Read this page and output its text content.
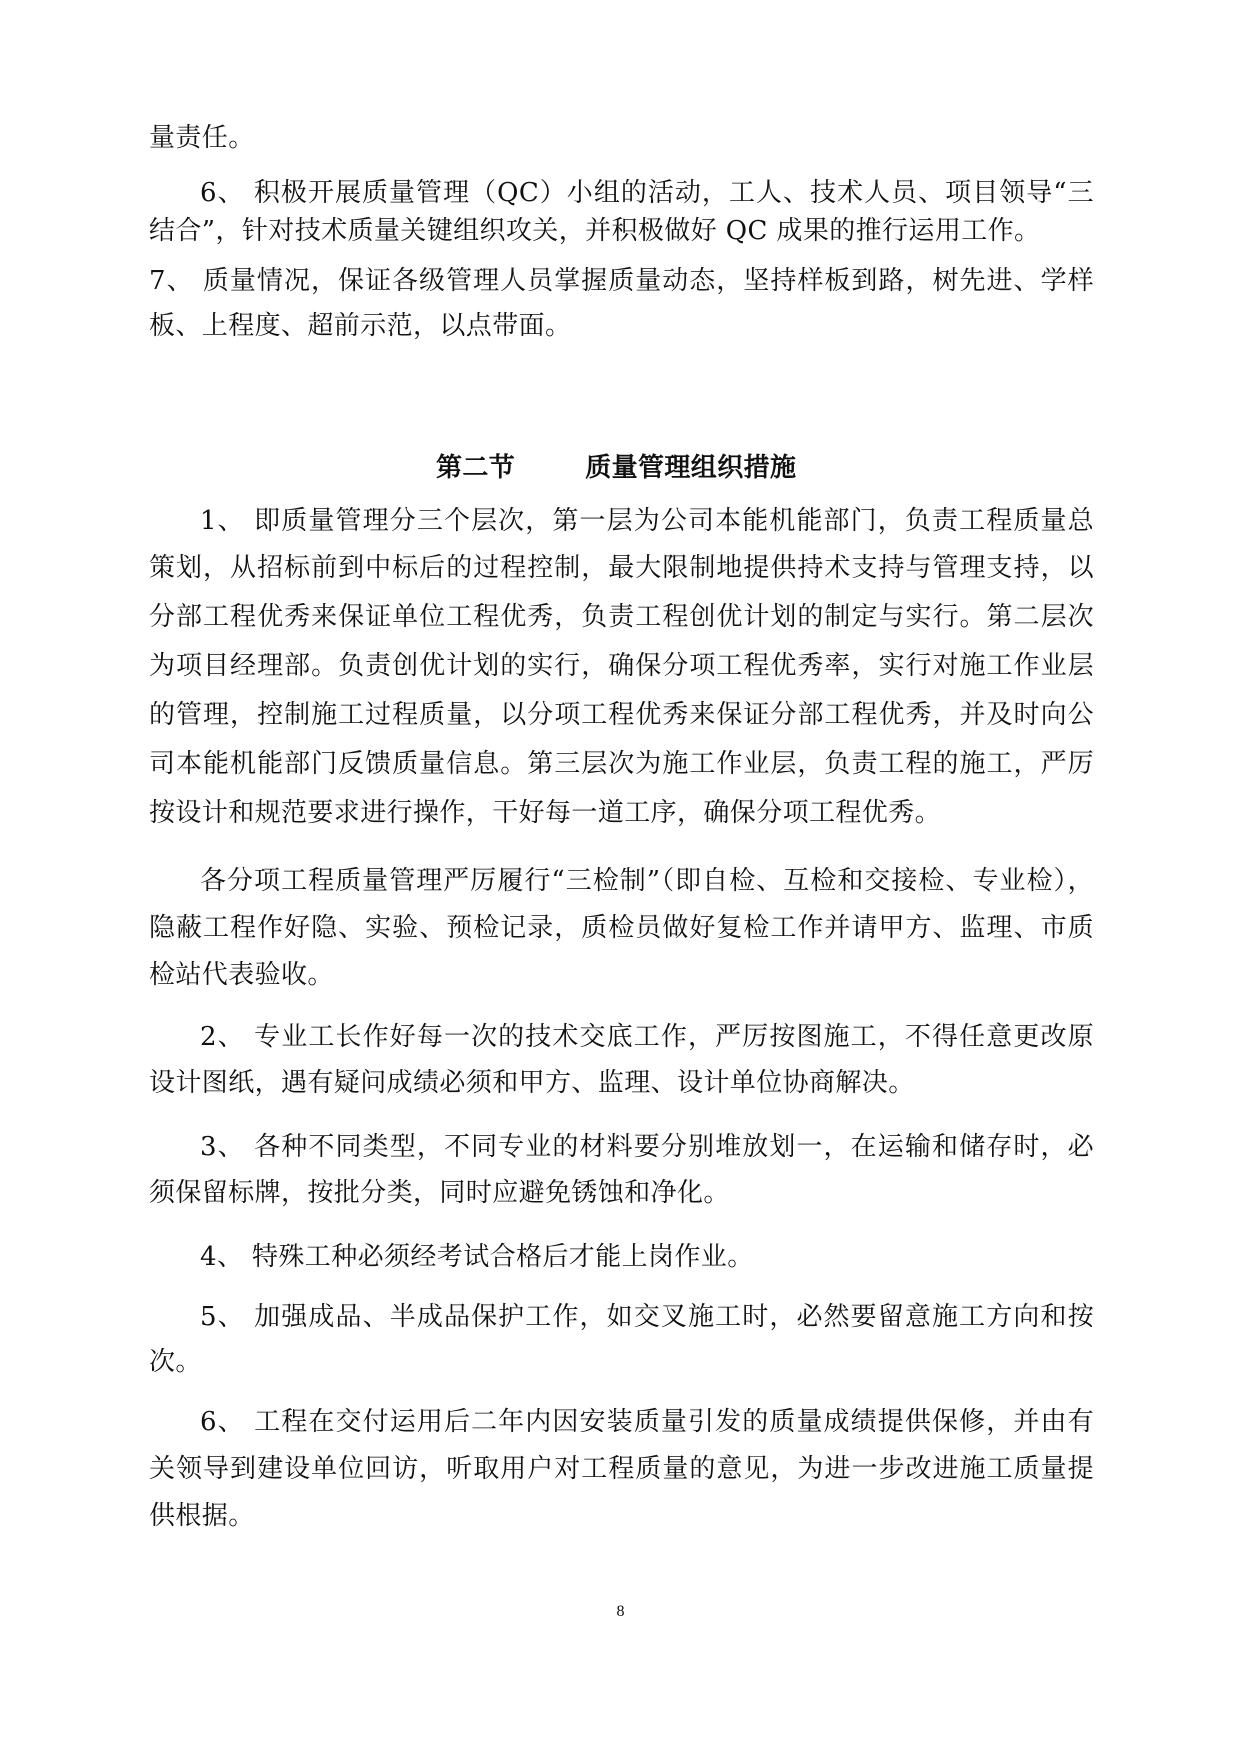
量责任。
6、 积极开展质量管理（QC）小组的活动，工人、技术人员、项目领导“三
结合”，针对技术质量关键组织攻关，并积极做好 QC 成果的推行运用工作。
7、 质量情况，保证各级管理人员掌握质量动态，坚持样板到路，树先进、学样
板、上程度、超前示范，以点带面。
第二节	质量管理组织措施
1、 即质量管理分三个层次，第一层为公司本能机能部门，负责工程质量总
策划，从招标前到中标后的过程控制，最大限制地提供持术支持与管理支持，以
分部工程优秀来保证单位工程优秀，负责工程创优计划的制定与实行。第二层次
为项目经理部。负责创优计划的实行，确保分项工程优秀率，实行对施工作业层
的管理，控制施工过程质量，以分项工程优秀来保证分部工程优秀，并及时向公
司本能机能部门反馈质量信息。第三层次为施工作业层，负责工程的施工，严厉
按设计和规范要求进行操作，干好每一道工序，确保分项工程优秀。
各分项工程质量管理严厉履行“三检制”（即自检、互检和交接检、专业检），
隐蔽工程作好隐、实验、预检记录，质检员做好复检工作并请甲方、监理、市质
检站代表验收。
2、 专业工长作好每一次的技术交底工作，严厉按图施工，不得任意更改原
设计图纸，遇有疑问成绩必须和甲方、监理、设计单位协商解决。
3、 各种不同类型，不同专业的材料要分别堆放划一，在运输和储存时，必
须保留标牌，按批分类，同时应避免锈蚀和净化。
4、 特殊工种必须经考试合格后才能上岗作业。
5、 加强成品、半成品保护工作，如交叉施工时，必然要留意施工方向和按
次。
6、 工程在交付运用后二年内因安装质量引发的质量成绩提供保修，并由有
关领导到建设单位回访，听取用户对工程质量的意见，为进一步改进施工质量提
供根据。
8
